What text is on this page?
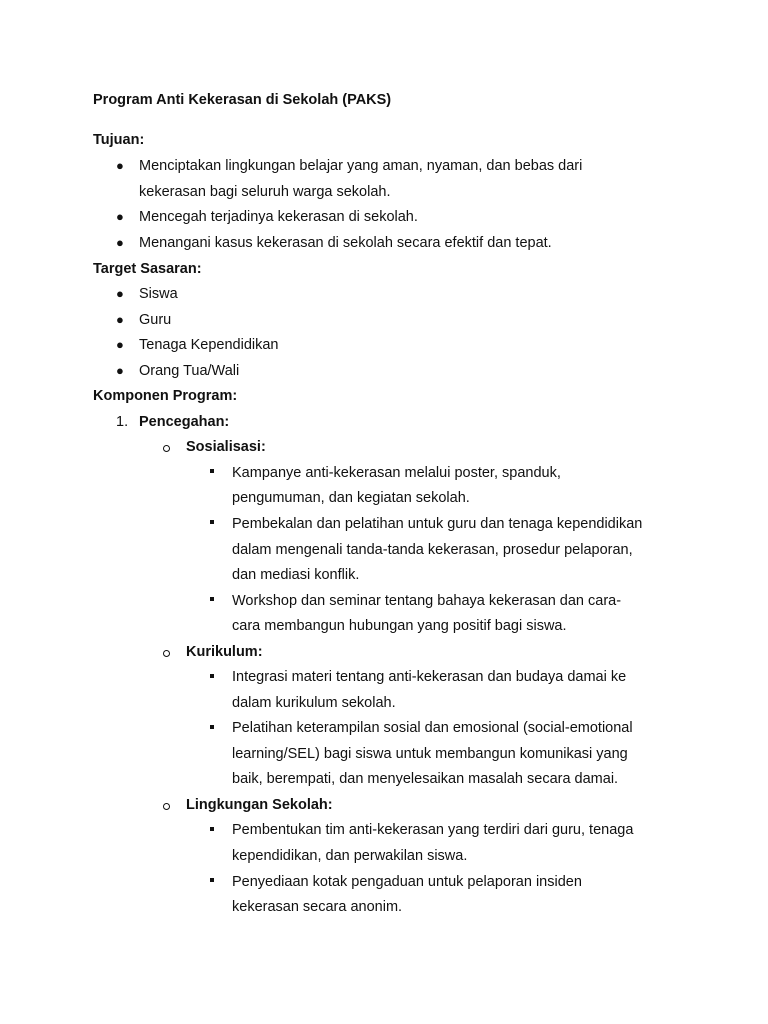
Program Anti Kekerasan di Sekolah (PAKS)
Tujuan:
● Menciptakan lingkungan belajar yang aman, nyaman, dan bebas dari
kekerasan bagi seluruh warga sekolah.
● Mencegah terjadinya kekerasan di sekolah.
● Menangani kasus kekerasan di sekolah secara efektif dan tepat.
Target Sasaran:
● Siswa
● Guru
● Tenaga Kependidikan
● Orang Tua/Wali
Komponen Program:
1. Pencegahan:
Sosialisasi:
Kampanye anti-kekerasan melalui poster, spanduk,
pengumuman, dan kegiatan sekolah.
Pembekalan dan pelatihan untuk guru dan tenaga kependidikan
dalam mengenali tanda-tanda kekerasan, prosedur pelaporan,
dan mediasi konflik.
Workshop dan seminar tentang bahaya kekerasan dan cara-
cara membangun hubungan yang positif bagi siswa.
Kurikulum:
Integrasi materi tentang anti-kekerasan dan budaya damai ke
dalam kurikulum sekolah.
Pelatihan keterampilan sosial dan emosional (social-emotional
learning/SEL) bagi siswa untuk membangun komunikasi yang
baik, berempati, dan menyelesaikan masalah secara damai.
Lingkungan Sekolah:
Pembentukan tim anti-kekerasan yang terdiri dari guru, tenaga
kependidikan, dan perwakilan siswa.
Penyediaan kotak pengaduan untuk pelaporan insiden
kekerasan secara anonim.
